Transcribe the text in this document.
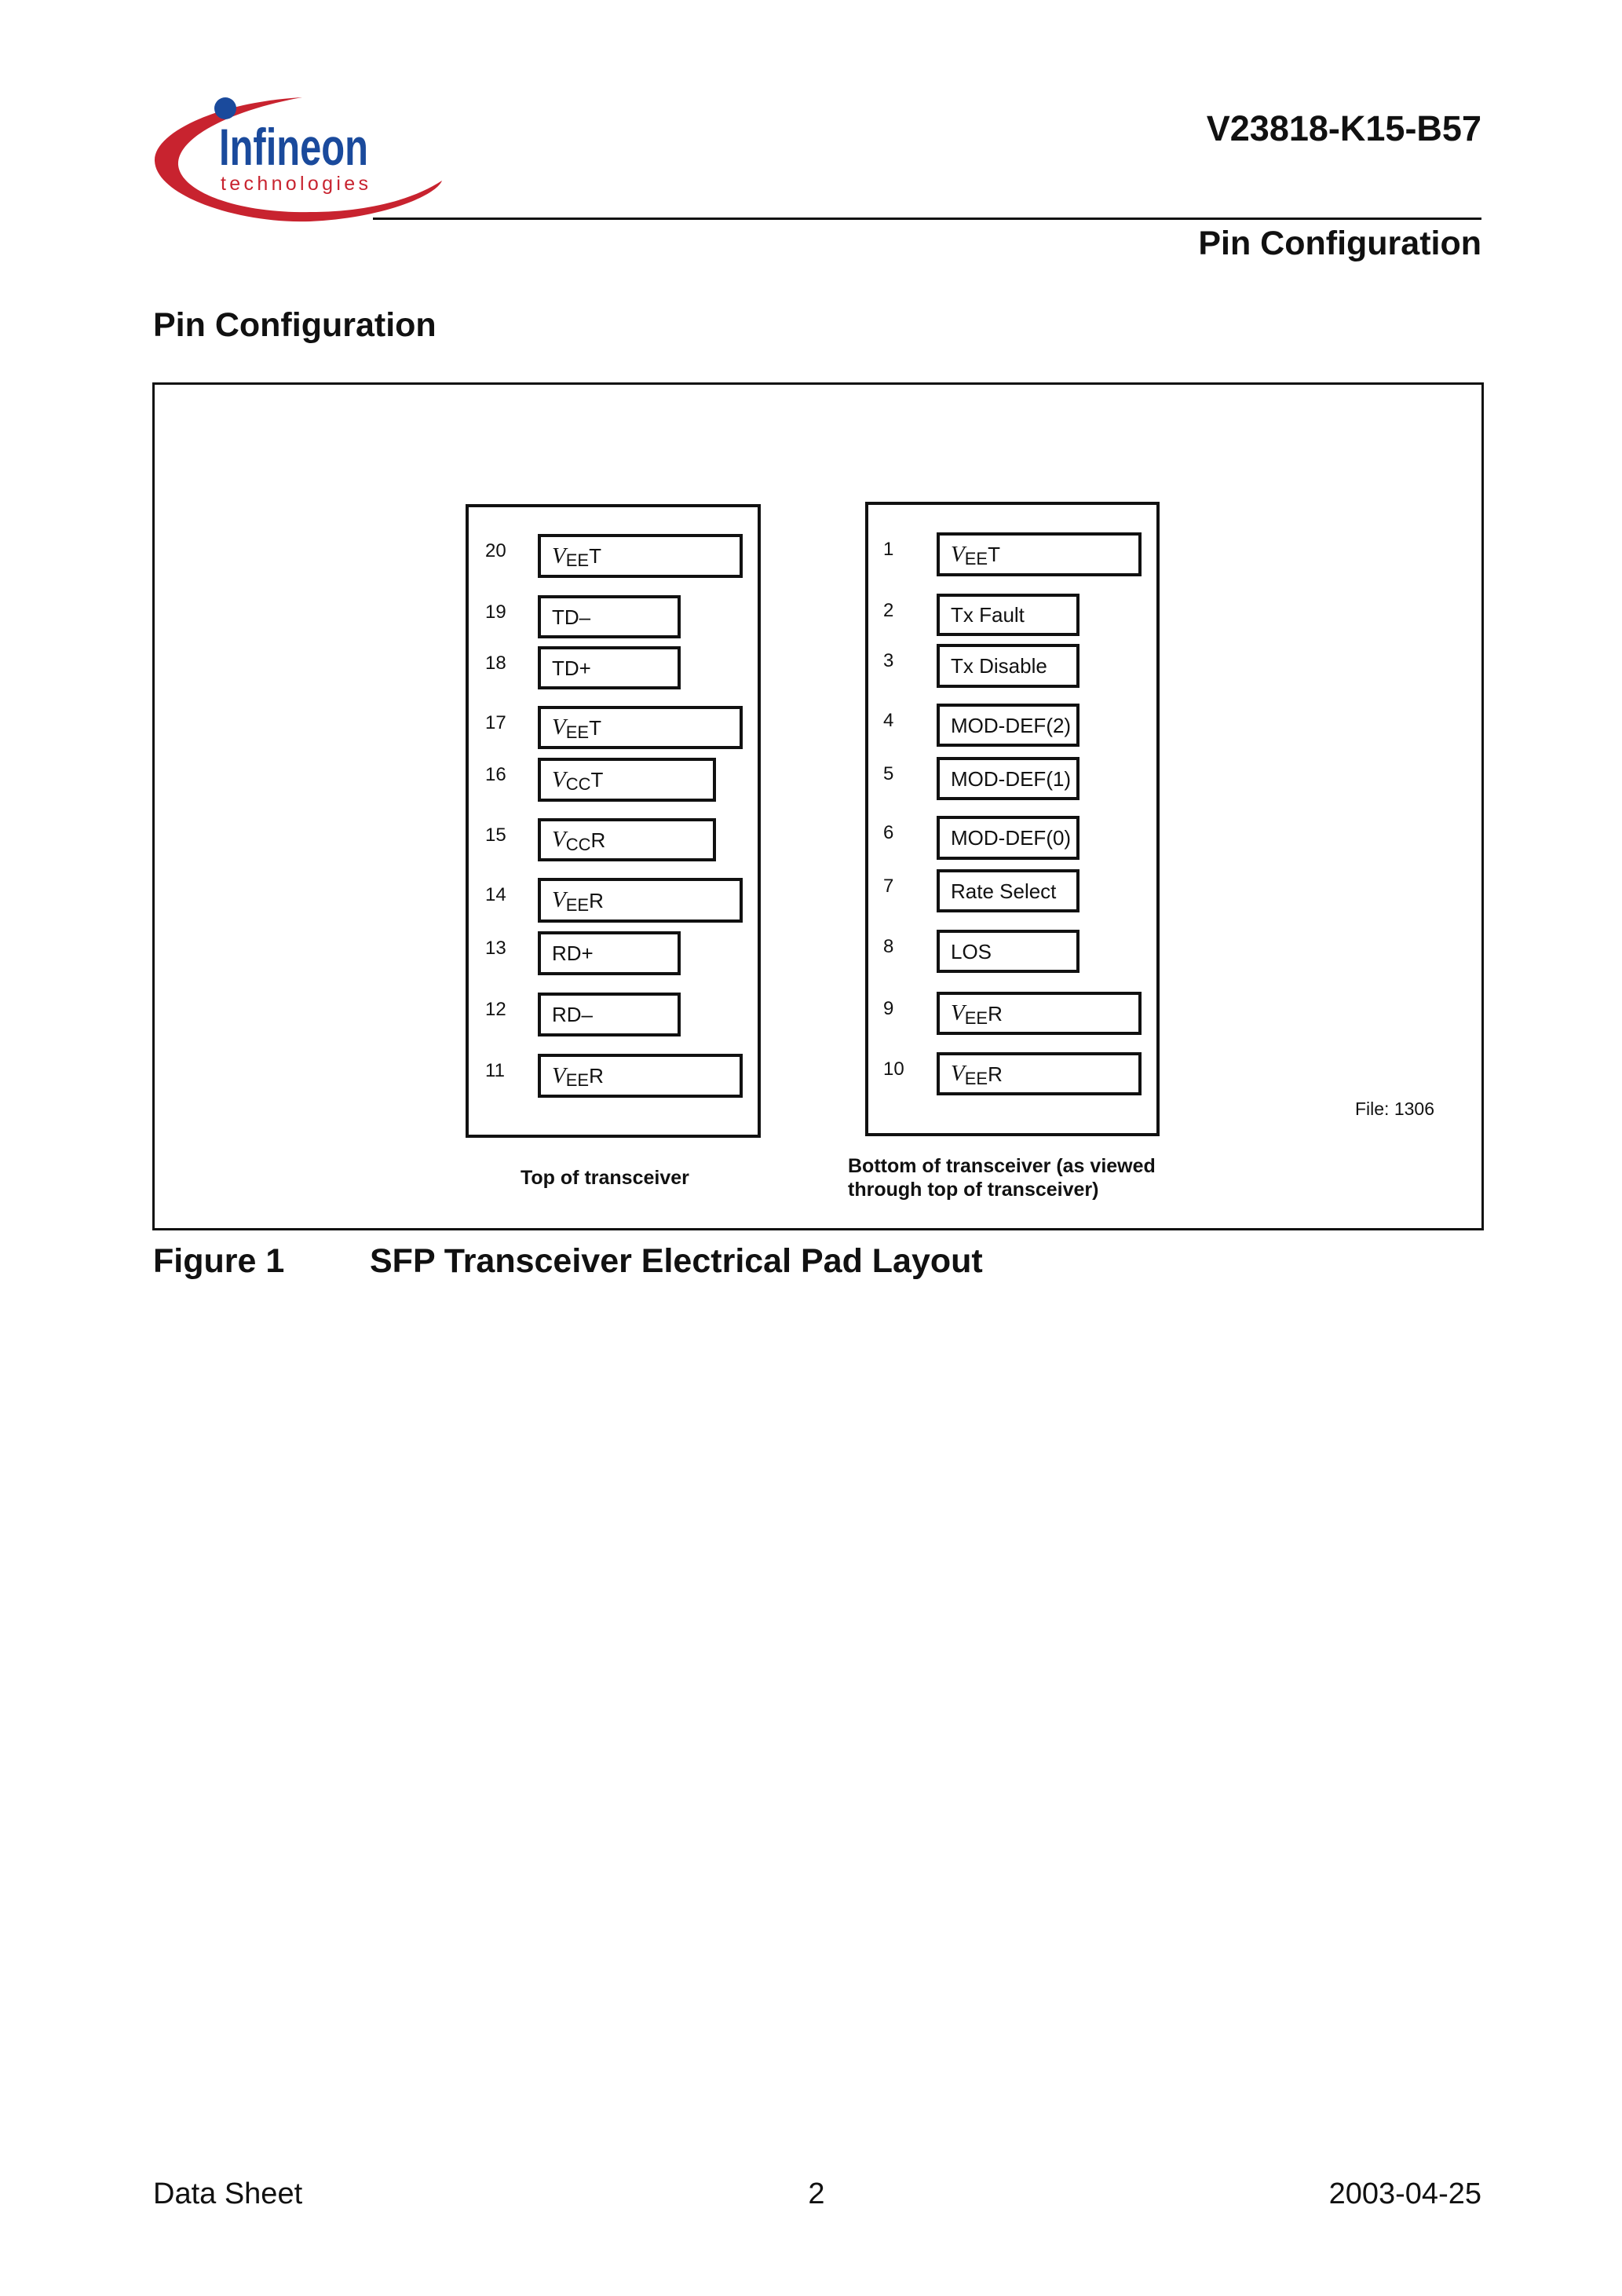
Infineon
technologies
V23818-K15-B57
Pin Configuration
Pin Configuration
20 V EE T
19 TD–
18 TD+
17 V EE T
16 V CC T
15 V CC R
14 V EE R
13 RD+
12 RD–
11 V EE R
1	V EE T
2	Tx Fault
3	Tx Disable
4	MOD-DEF(2)
5	MOD-DEF(1)
6	MOD-DEF(0)
7	Rate Select
8	LOS
9	V EE R
10 V EE R
Top of transceiver
Bottom of transceiver (as viewed
through top of transceiver)
File: 1306
Figure 1	SFP Transceiver Electrical Pad Layout
Data Sheet	2	2003-04-25
